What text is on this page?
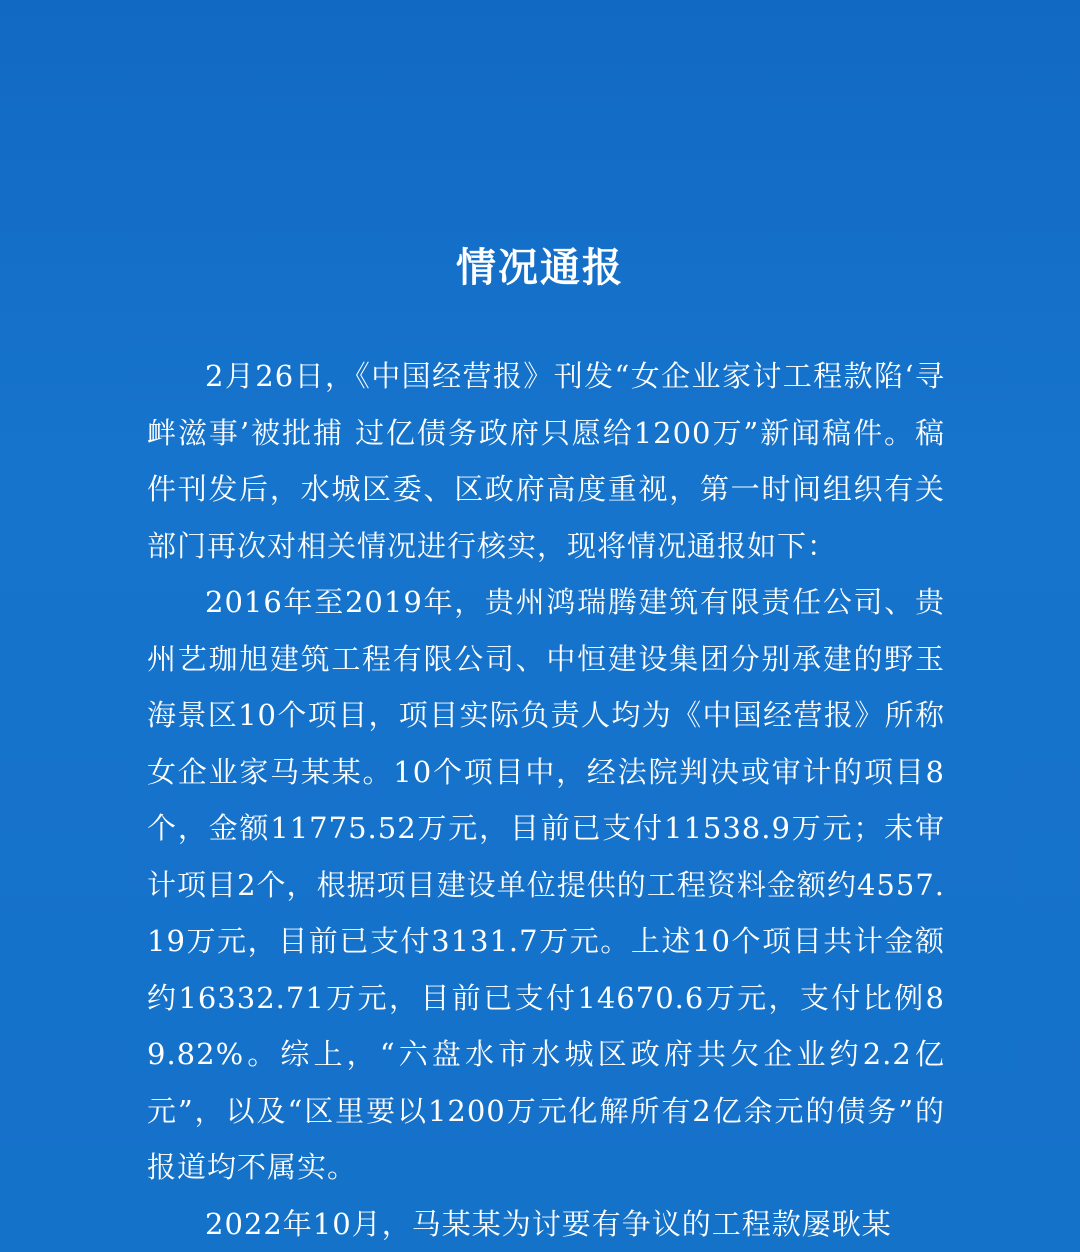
情况通报

2月26日，《中国经营报》刊发“女企业家讨工程款陷‘寻衅滋事’被批捕 过亿债务政府只愿给1200万”新闻稿件。稿件刊发后，水城区委、区政府高度重视，第一时间组织有关部门再次对相关情况进行核实，现将情况通报如下：

2016年至2019年，贵州鸿瑞腾建筑有限责任公司、贵州艺珈旭建筑工程有限公司、中恒建设集团分别承建的野玉海景区10个项目，项目实际负责人均为《中国经营报》所称女企业家马某某。10个项目中，经法院判决或审计的项目8个，金额11775.52万元，目前已支付11538.9万元；未审计项目2个，根据项目建设单位提供的工程资料金额约4557.19万元，目前已支付3131.7万元。上述10个项目共计金额约16332.71万元，目前已支付14670.6万元，支付比例89.82%。综上，“六盘水市水城区政府共欠企业约2.2亿元”，以及“区里要以1200万元化解所有2亿余元的债务”的报道均不属实。

2022年10月，马某某为讨要有争议的工程款屡耿某
